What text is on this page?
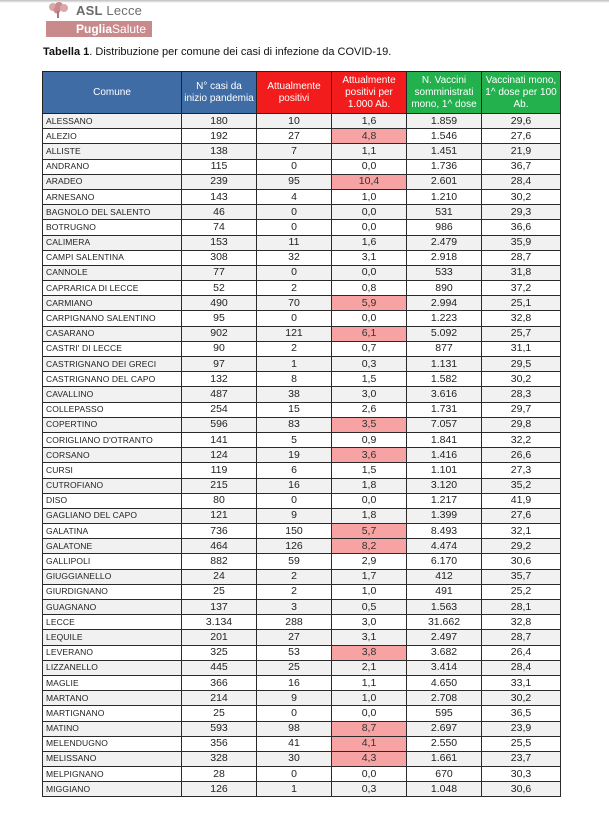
ASL Lecce
PugliaSalute
Tabella 1. Distribuzione per comune dei casi di infezione da COVID-19.
Comune	N° casi da inizio pandemia	Attualmente positivi	Attualmente positivi per 1.000 Ab.	N. Vaccini somministrati mono, 1^ dose	Vaccinati mono, 1^ dose per 100 Ab.
ALESSANO	180	10	1,6	1.859	29,6
ALEZIO	192	27	4,8	1.546	27,6
ALLISTE	138	7	1,1	1.451	21,9
ANDRANO	115	0	0,0	1.736	36,7
ARADEO	239	95	10,4	2.601	28,4
ARNESANO	143	4	1,0	1.210	30,2
BAGNOLO DEL SALENTO	46	0	0,0	531	29,3
BOTRUGNO	74	0	0,0	986	36,6
CALIMERA	153	11	1,6	2.479	35,9
CAMPI SALENTINA	308	32	3,1	2.918	28,7
CANNOLE	77	0	0,0	533	31,8
CAPRARICA DI LECCE	52	2	0,8	890	37,2
CARMIANO	490	70	5,9	2.994	25,1
CARPIGNANO SALENTINO	95	0	0,0	1.223	32,8
CASARANO	902	121	6,1	5.092	25,7
CASTRI' DI LECCE	90	2	0,7	877	31,1
CASTRIGNANO DEI GRECI	97	1	0,3	1.131	29,5
CASTRIGNANO DEL CAPO	132	8	1,5	1.582	30,2
CAVALLINO	487	38	3,0	3.616	28,3
COLLEPASSO	254	15	2,6	1.731	29,7
COPERTINO	596	83	3,5	7.057	29,8
CORIGLIANO D'OTRANTO	141	5	0,9	1.841	32,2
CORSANO	124	19	3,6	1.416	26,6
CURSI	119	6	1,5	1.101	27,3
CUTROFIANO	215	16	1,8	3.120	35,2
DISO	80	0	0,0	1.217	41,9
GAGLIANO DEL CAPO	121	9	1,8	1.399	27,6
GALATINA	736	150	5,7	8.493	32,1
GALATONE	464	126	8,2	4.474	29,2
GALLIPOLI	882	59	2,9	6.170	30,6
GIUGGIANELLO	24	2	1,7	412	35,7
GIURDIGNANO	25	2	1,0	491	25,2
GUAGNANO	137	3	0,5	1.563	28,1
LECCE	3.134	288	3,0	31.662	32,8
LEQUILE	201	27	3,1	2.497	28,7
LEVERANO	325	53	3,8	3.682	26,4
LIZZANELLO	445	25	2,1	3.414	28,4
MAGLIE	366	16	1,1	4.650	33,1
MARTANO	214	9	1,0	2.708	30,2
MARTIGNANO	25	0	0,0	595	36,5
MATINO	593	98	8,7	2.697	23,9
MELENDUGNO	356	41	4,1	2.550	25,5
MELISSANO	328	30	4,3	1.661	23,7
MELPIGNANO	28	0	0,0	670	30,3
MIGGIANO	126	1	0,3	1.048	30,6
